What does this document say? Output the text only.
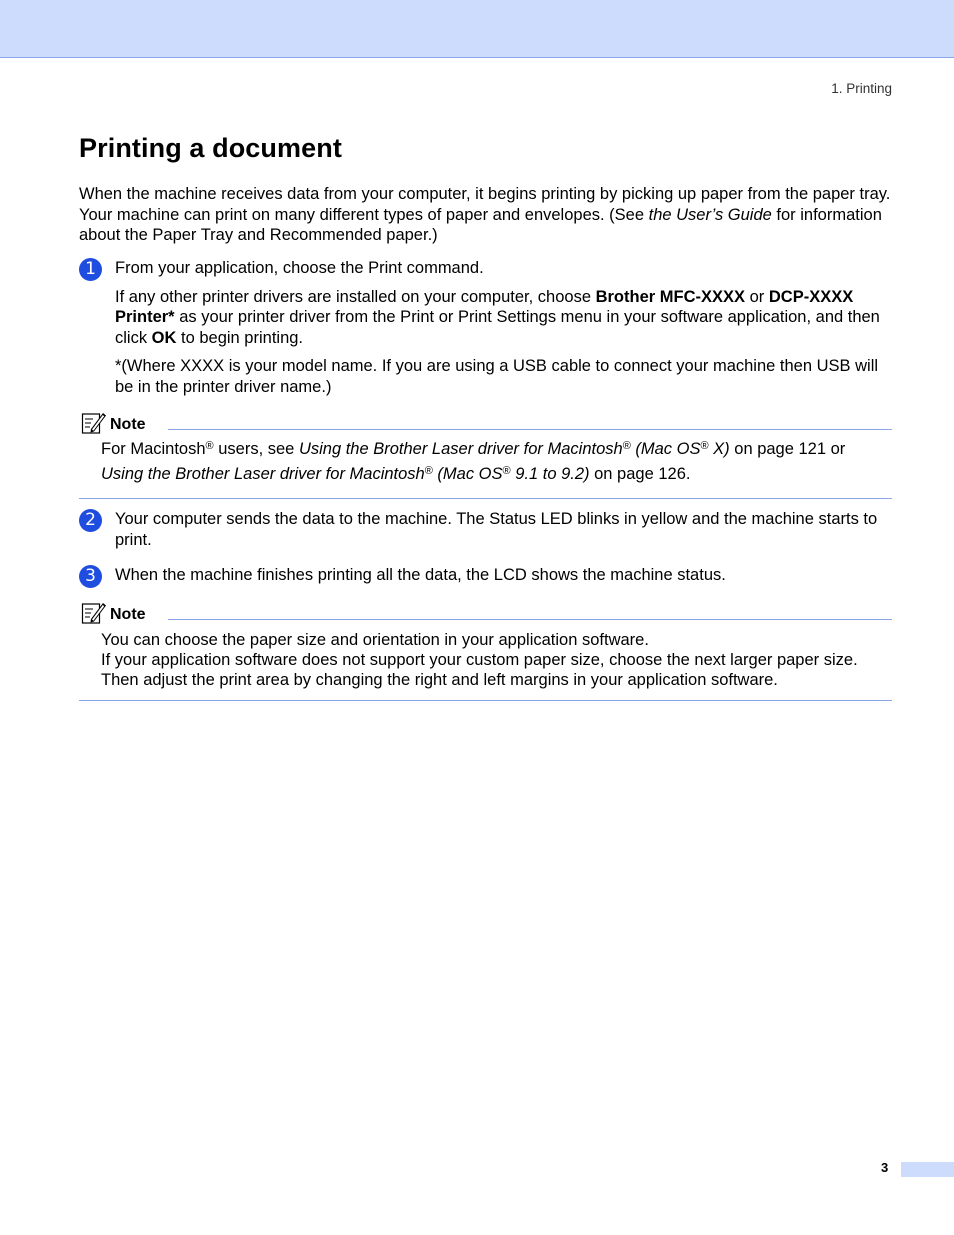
1. Printing
Printing a document

When the machine receives data from your computer, it begins printing by picking up paper from the paper tray. Your machine can print on many different types of paper and envelopes. (See the User’s Guide for information about the Paper Tray and Recommended paper.)

1	From your application, choose the Print command.

If any other printer drivers are installed on your computer, choose Brother MFC-XXXX or DCP-XXXX Printer* as your printer driver from the Print or Print Settings menu in your software application, and then click OK to begin printing.

*(Where XXXX is your model name. If you are using a USB cable to connect your machine then USB will be in the printer driver name.)

Note
For Macintosh® users, see Using the Brother Laser driver for Macintosh® (Mac OS® X) on page 121 or
Using the Brother Laser driver for Macintosh® (Mac OS® 9.1 to 9.2) on page 126.
2	Your computer sends the data to the machine. The Status LED blinks in yellow and the machine starts to print.

3	When the machine finishes printing all the data, the LCD shows the machine status.

Note
You can choose the paper size and orientation in your application software.
If your application software does not support your custom paper size, choose the next larger paper size.
Then adjust the print area by changing the right and left margins in your application software.
3
